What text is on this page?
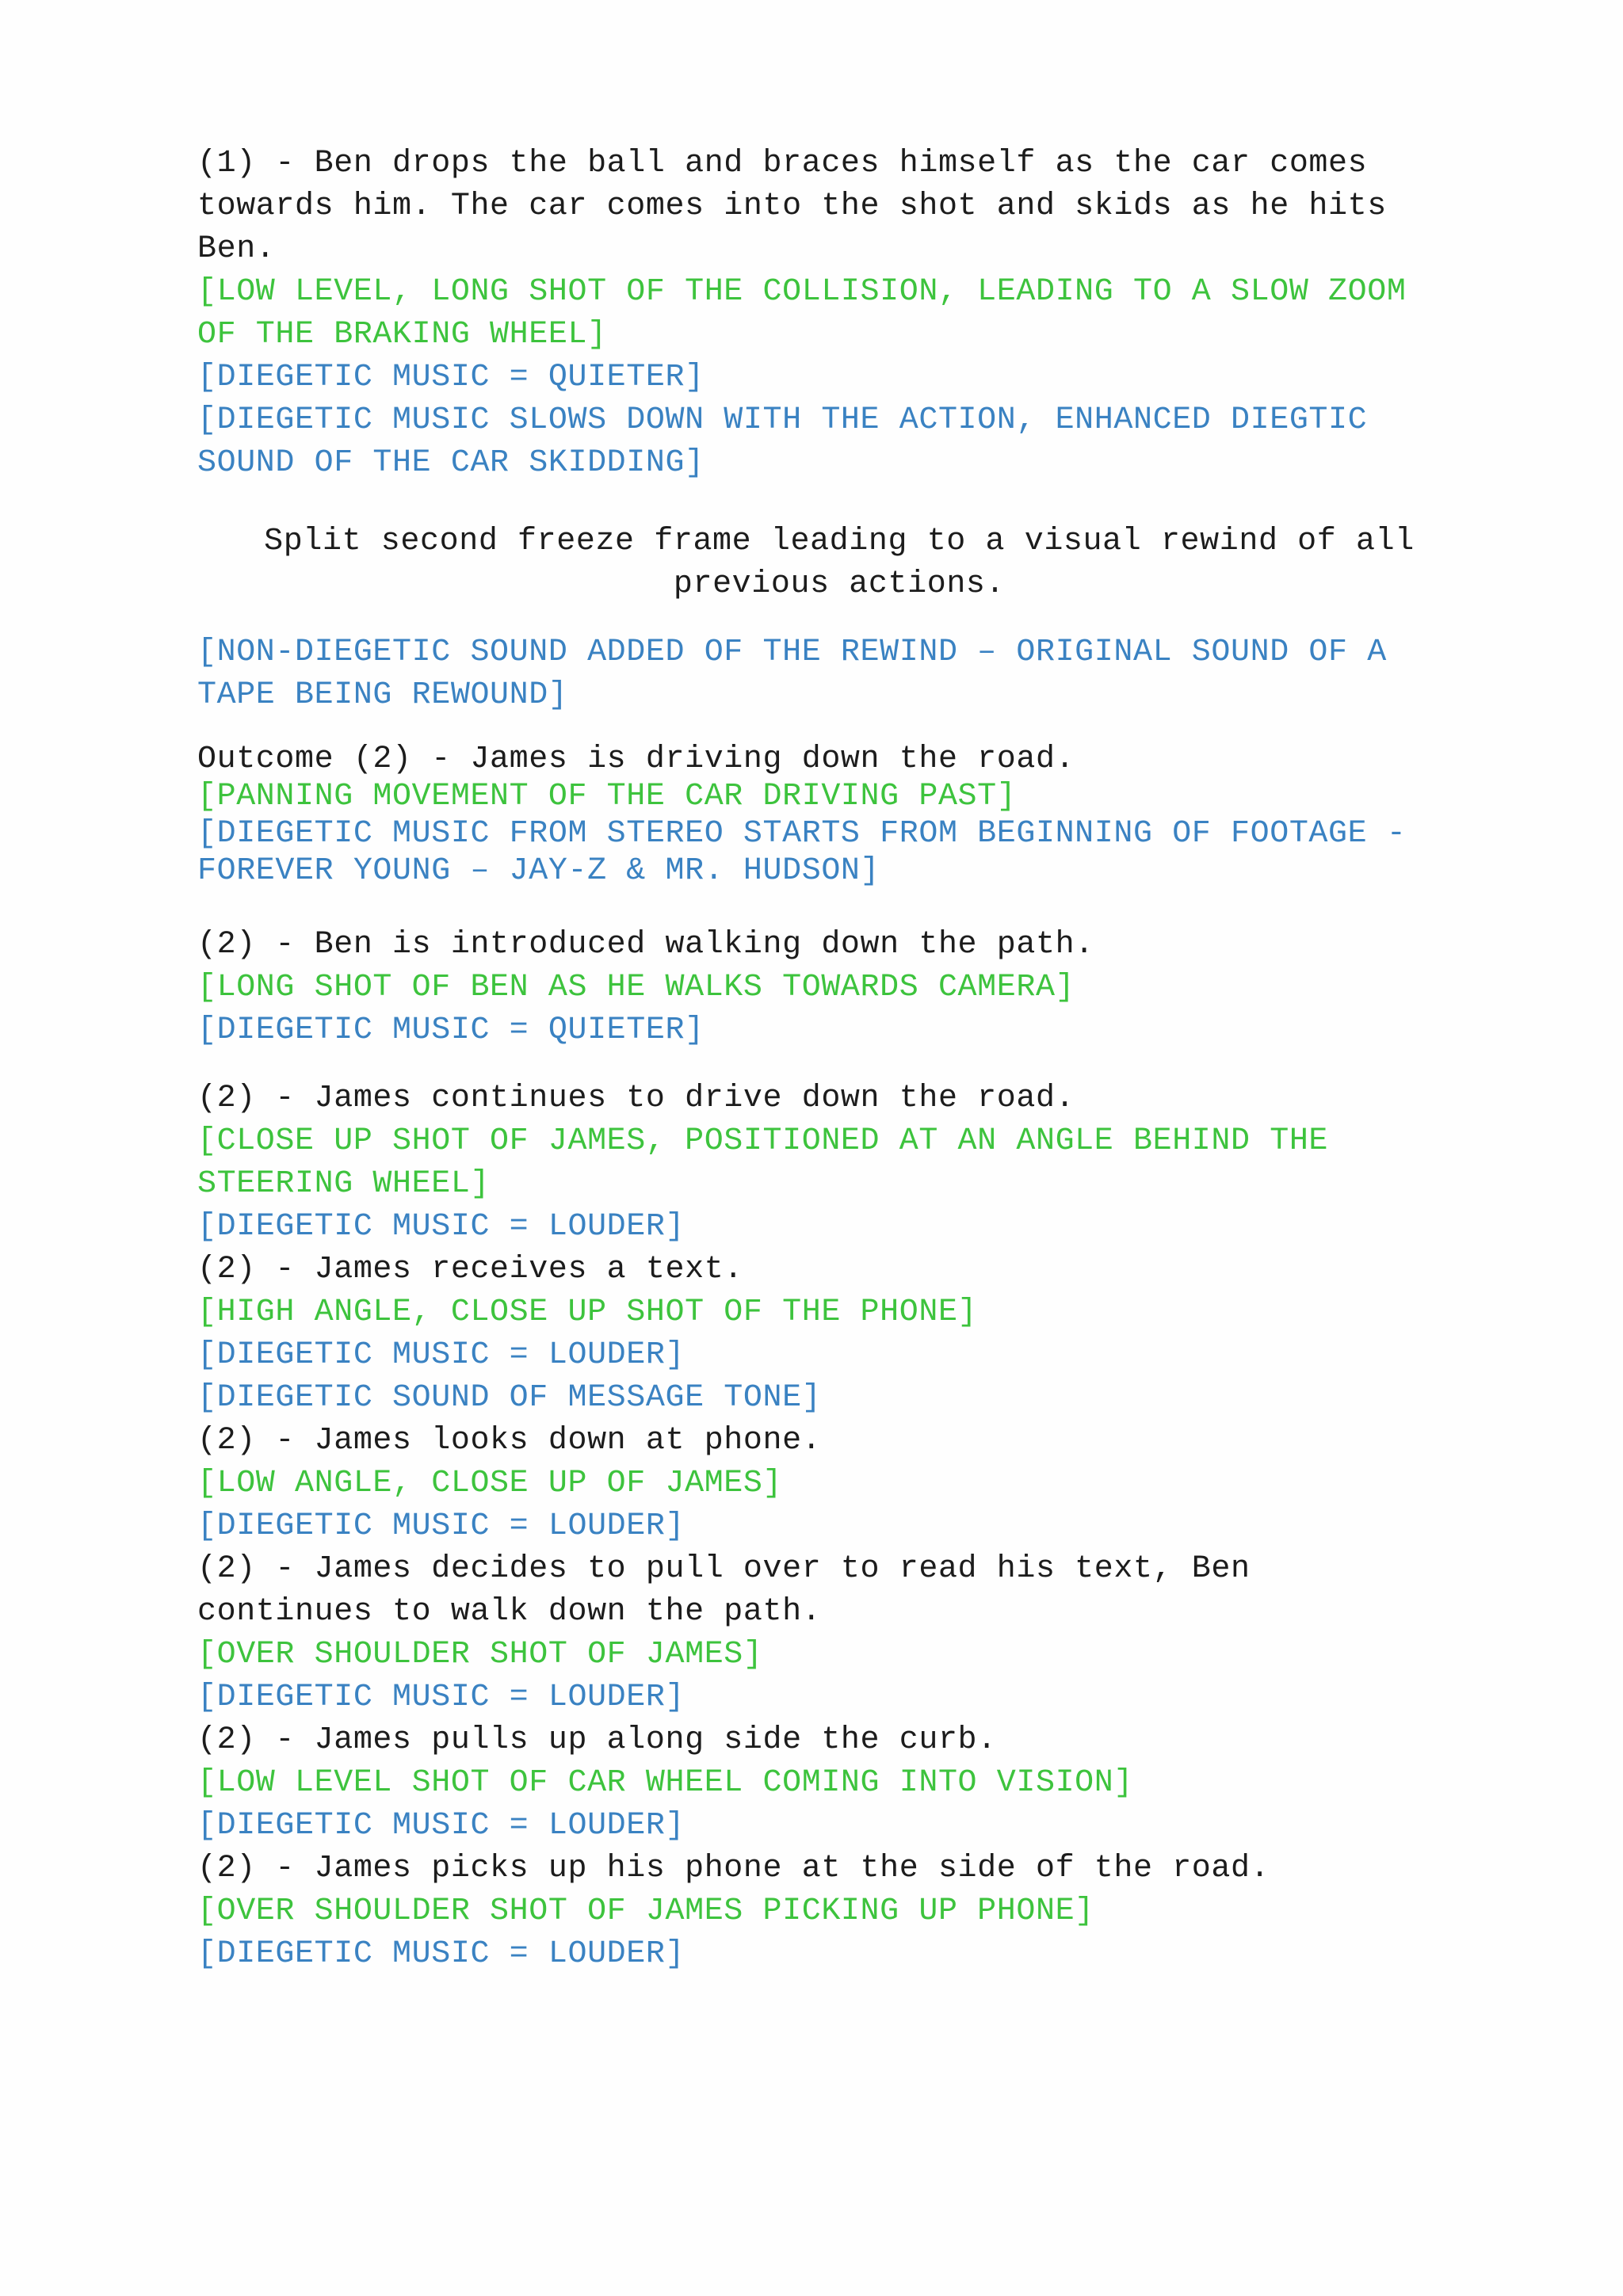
(1) - Ben drops the ball and braces himself as the car comes
towards him. The car comes into the shot and skids as he hits
Ben.
[LOW LEVEL, LONG SHOT OF THE COLLISION, LEADING TO A SLOW ZOOM
OF THE BRAKING WHEEL]
[DIEGETIC MUSIC = QUIETER]
[DIEGETIC MUSIC SLOWS DOWN WITH THE ACTION, ENHANCED DIEGTIC
SOUND OF THE CAR SKIDDING]
Split second freeze frame leading to a visual rewind of all
previous actions.
[NON-DIEGETIC SOUND ADDED OF THE REWIND – ORIGINAL SOUND OF A
TAPE BEING REWOUND]
Outcome (2) - James is driving down the road.
[PANNING MOVEMENT OF THE CAR DRIVING PAST]
[DIEGETIC MUSIC FROM STEREO STARTS FROM BEGINNING OF FOOTAGE -
FOREVER YOUNG – JAY-Z & MR. HUDSON]
(2) - Ben is introduced walking down the path.
[LONG SHOT OF BEN AS HE WALKS TOWARDS CAMERA]
[DIEGETIC MUSIC = QUIETER]
(2) - James continues to drive down the road.
[CLOSE UP SHOT OF JAMES, POSITIONED AT AN ANGLE BEHIND THE
STEERING WHEEL]
[DIEGETIC MUSIC = LOUDER]
(2) - James receives a text.
[HIGH ANGLE, CLOSE UP SHOT OF THE PHONE]
[DIEGETIC MUSIC = LOUDER]
[DIEGETIC SOUND OF MESSAGE TONE]
(2) - James looks down at phone.
[LOW ANGLE, CLOSE UP OF JAMES]
[DIEGETIC MUSIC = LOUDER]
(2) - James decides to pull over to read his text, Ben
continues to walk down the path.
[OVER SHOULDER SHOT OF JAMES]
[DIEGETIC MUSIC = LOUDER]
(2) - James pulls up along side the curb.
[LOW LEVEL SHOT OF CAR WHEEL COMING INTO VISION]
[DIEGETIC MUSIC = LOUDER]
(2) - James picks up his phone at the side of the road.
[OVER SHOULDER SHOT OF JAMES PICKING UP PHONE]
[DIEGETIC MUSIC = LOUDER]
